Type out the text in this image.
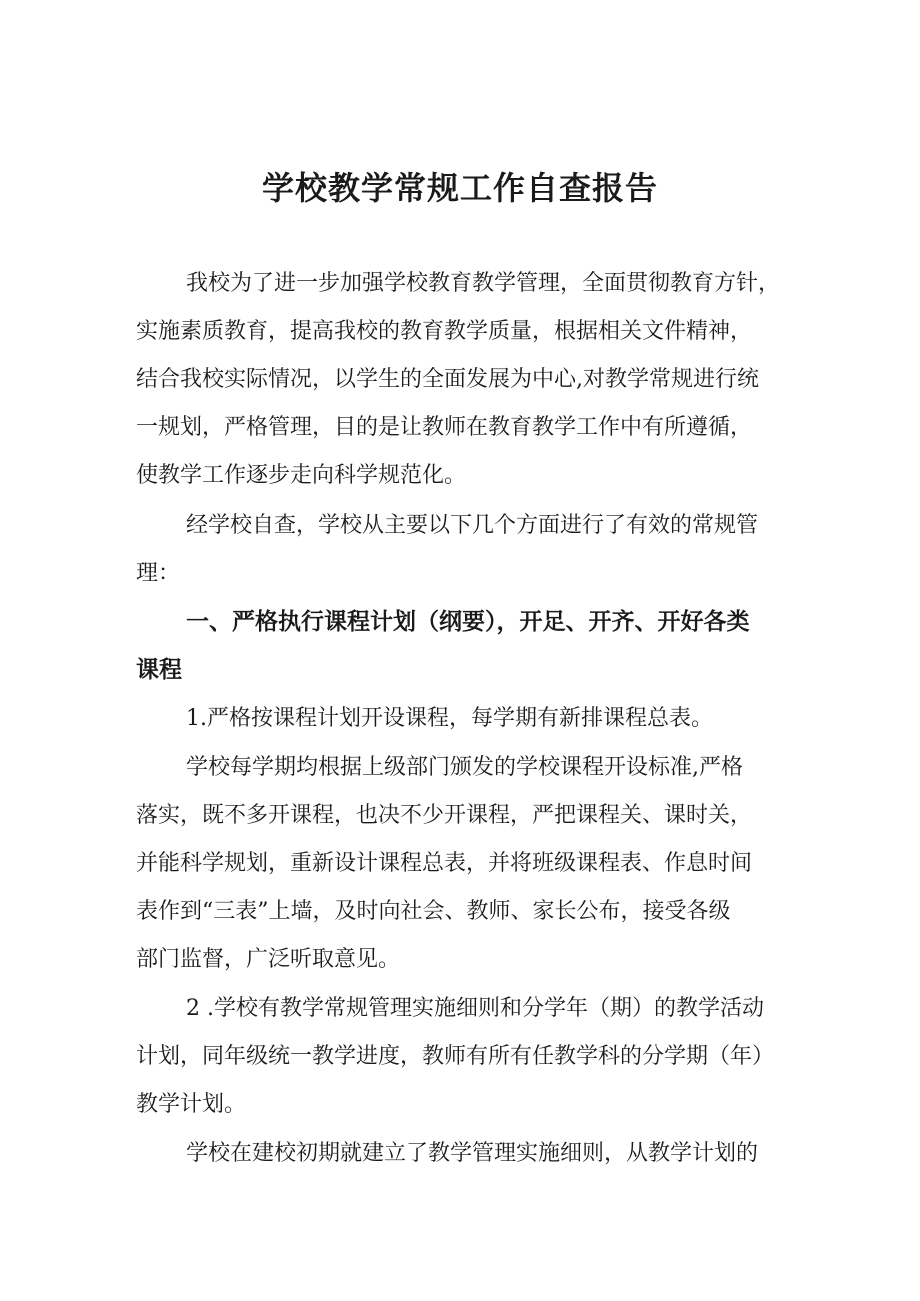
学校教学常规工作自查报告
我校为了进一步加强学校教育教学管理，全面贯彻教育方针，
实施素质教育，提高我校的教育教学质量，根据相关文件精神，
结合我校实际情况，以学生的全面发展为中心,对教学常规进行统
一规划，严格管理，目的是让教师在教育教学工作中有所遵循，
使教学工作逐步走向科学规范化。
经学校自查，学校从主要以下几个方面进行了有效的常规管
理：
一、严格执行课程计划（纲要），开足、开齐、开好各类
课程
1.严格按课程计划开设课程，每学期有新排课程总表。
学校每学期均根据上级部门颁发的学校课程开设标准,严格
落实，既不多开课程，也决不少开课程，严把课程关、课时关，
并能科学规划，重新设计课程总表，并将班级课程表、作息时间
表作到“三表”上墙，及时向社会、教师、家长公布，接受各级
部门监督，广泛听取意见。
2 .学校有教学常规管理实施细则和分学年（期）的教学活动
计划，同年级统一教学进度，教师有所有任教学科的分学期（年）
教学计划。
学校在建校初期就建立了教学管理实施细则，从教学计划的
